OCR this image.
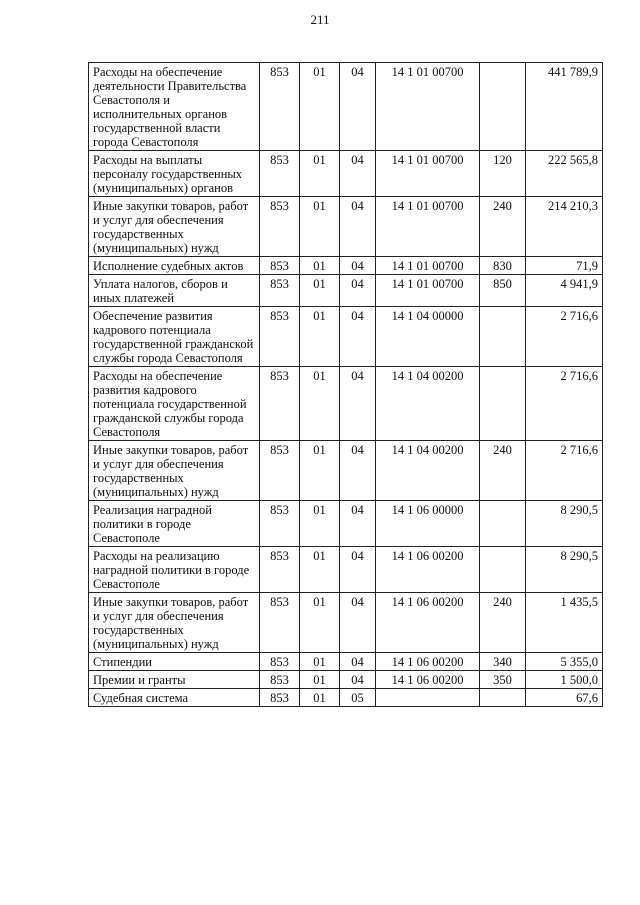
211
Расходы на обеспечение деятельности Правительства Севастополя и исполнительных органов государственной власти города Севастополя	853	01	04	14 1 01 00700		441 789,9
Расходы на выплаты персоналу государственных (муниципальных) органов	853	01	04	14 1 01 00700	120	222 565,8
Иные закупки товаров, работ и услуг для обеспечения государственных (муниципальных) нужд	853	01	04	14 1 01 00700	240	214 210,3
Исполнение судебных актов	853	01	04	14 1 01 00700	830	71,9
Уплата налогов, сборов и иных платежей	853	01	04	14 1 01 00700	850	4 941,9
Обеспечение развития кадрового потенциала государственной гражданской службы города Севастополя	853	01	04	14 1 04 00000		2 716,6
Расходы на обеспечение развития кадрового потенциала государственной гражданской службы города Севастополя	853	01	04	14 1 04 00200		2 716,6
Иные закупки товаров, работ и услуг для обеспечения государственных (муниципальных) нужд	853	01	04	14 1 04 00200	240	2 716,6
Реализация наградной политики в городе Севастополе	853	01	04	14 1 06 00000		8 290,5
Расходы на реализацию наградной политики в городе Севастополе	853	01	04	14 1 06 00200		8 290,5
Иные закупки товаров, работ и услуг для обеспечения государственных (муниципальных) нужд	853	01	04	14 1 06 00200	240	1 435,5
Стипендии	853	01	04	14 1 06 00200	340	5 355,0
Премии и гранты	853	01	04	14 1 06 00200	350	1 500,0
Судебная система	853	01	05			67,6
